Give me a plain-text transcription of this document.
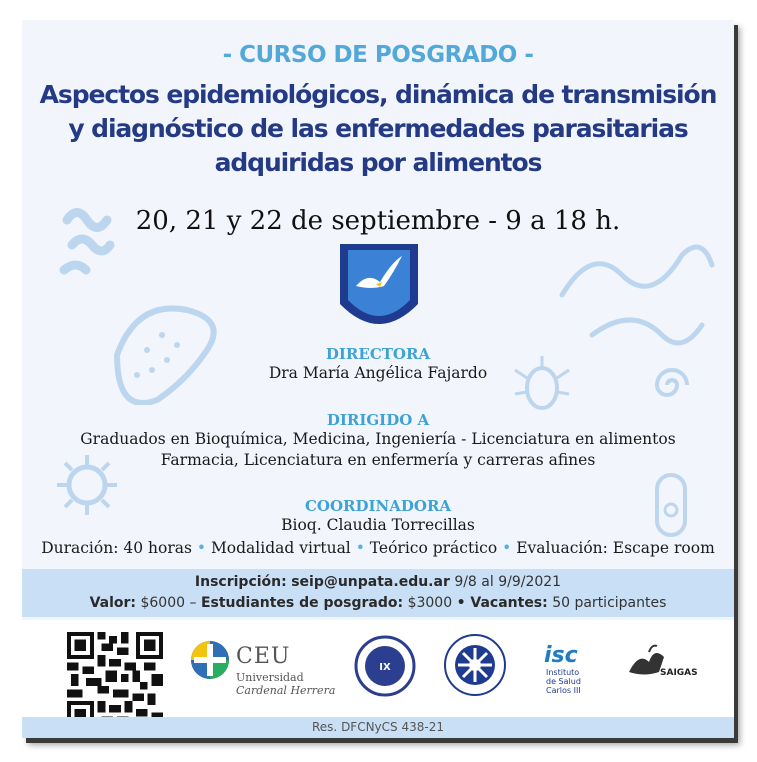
- CURSO DE POSGRADO -
Aspectos epidemiológicos, dinámica de transmisión
y diagnóstico de las enfermedades parasitarias
adquiridas por alimentos
20, 21 y 22 de septiembre - 9 a 18 h.
DIRECTORA
Dra María Angélica Fajardo
DIRIGIDO A
Graduados en Bioquímica, Medicina, Ingeniería - Licenciatura en alimentos
Farmacia, Licenciatura en enfermería y carreras afines
COORDINADORA
Bioq. Claudia Torrecillas
Duración: 40 horas • Modalidad virtual • Teórico práctico • Evaluación: Escape room
Inscripción: seip@unpata.edu.ar 9/8 al 9/9/2021
Valor: $6000 – Estudiantes de posgrado: $3000 • Vacantes: 50 participantes
CEU
Universidad
Cardenal Herrera
IX	isc
Instituto
de Salud
Carlos III
SAIGAS
Res. DFCNyCS 438-21
